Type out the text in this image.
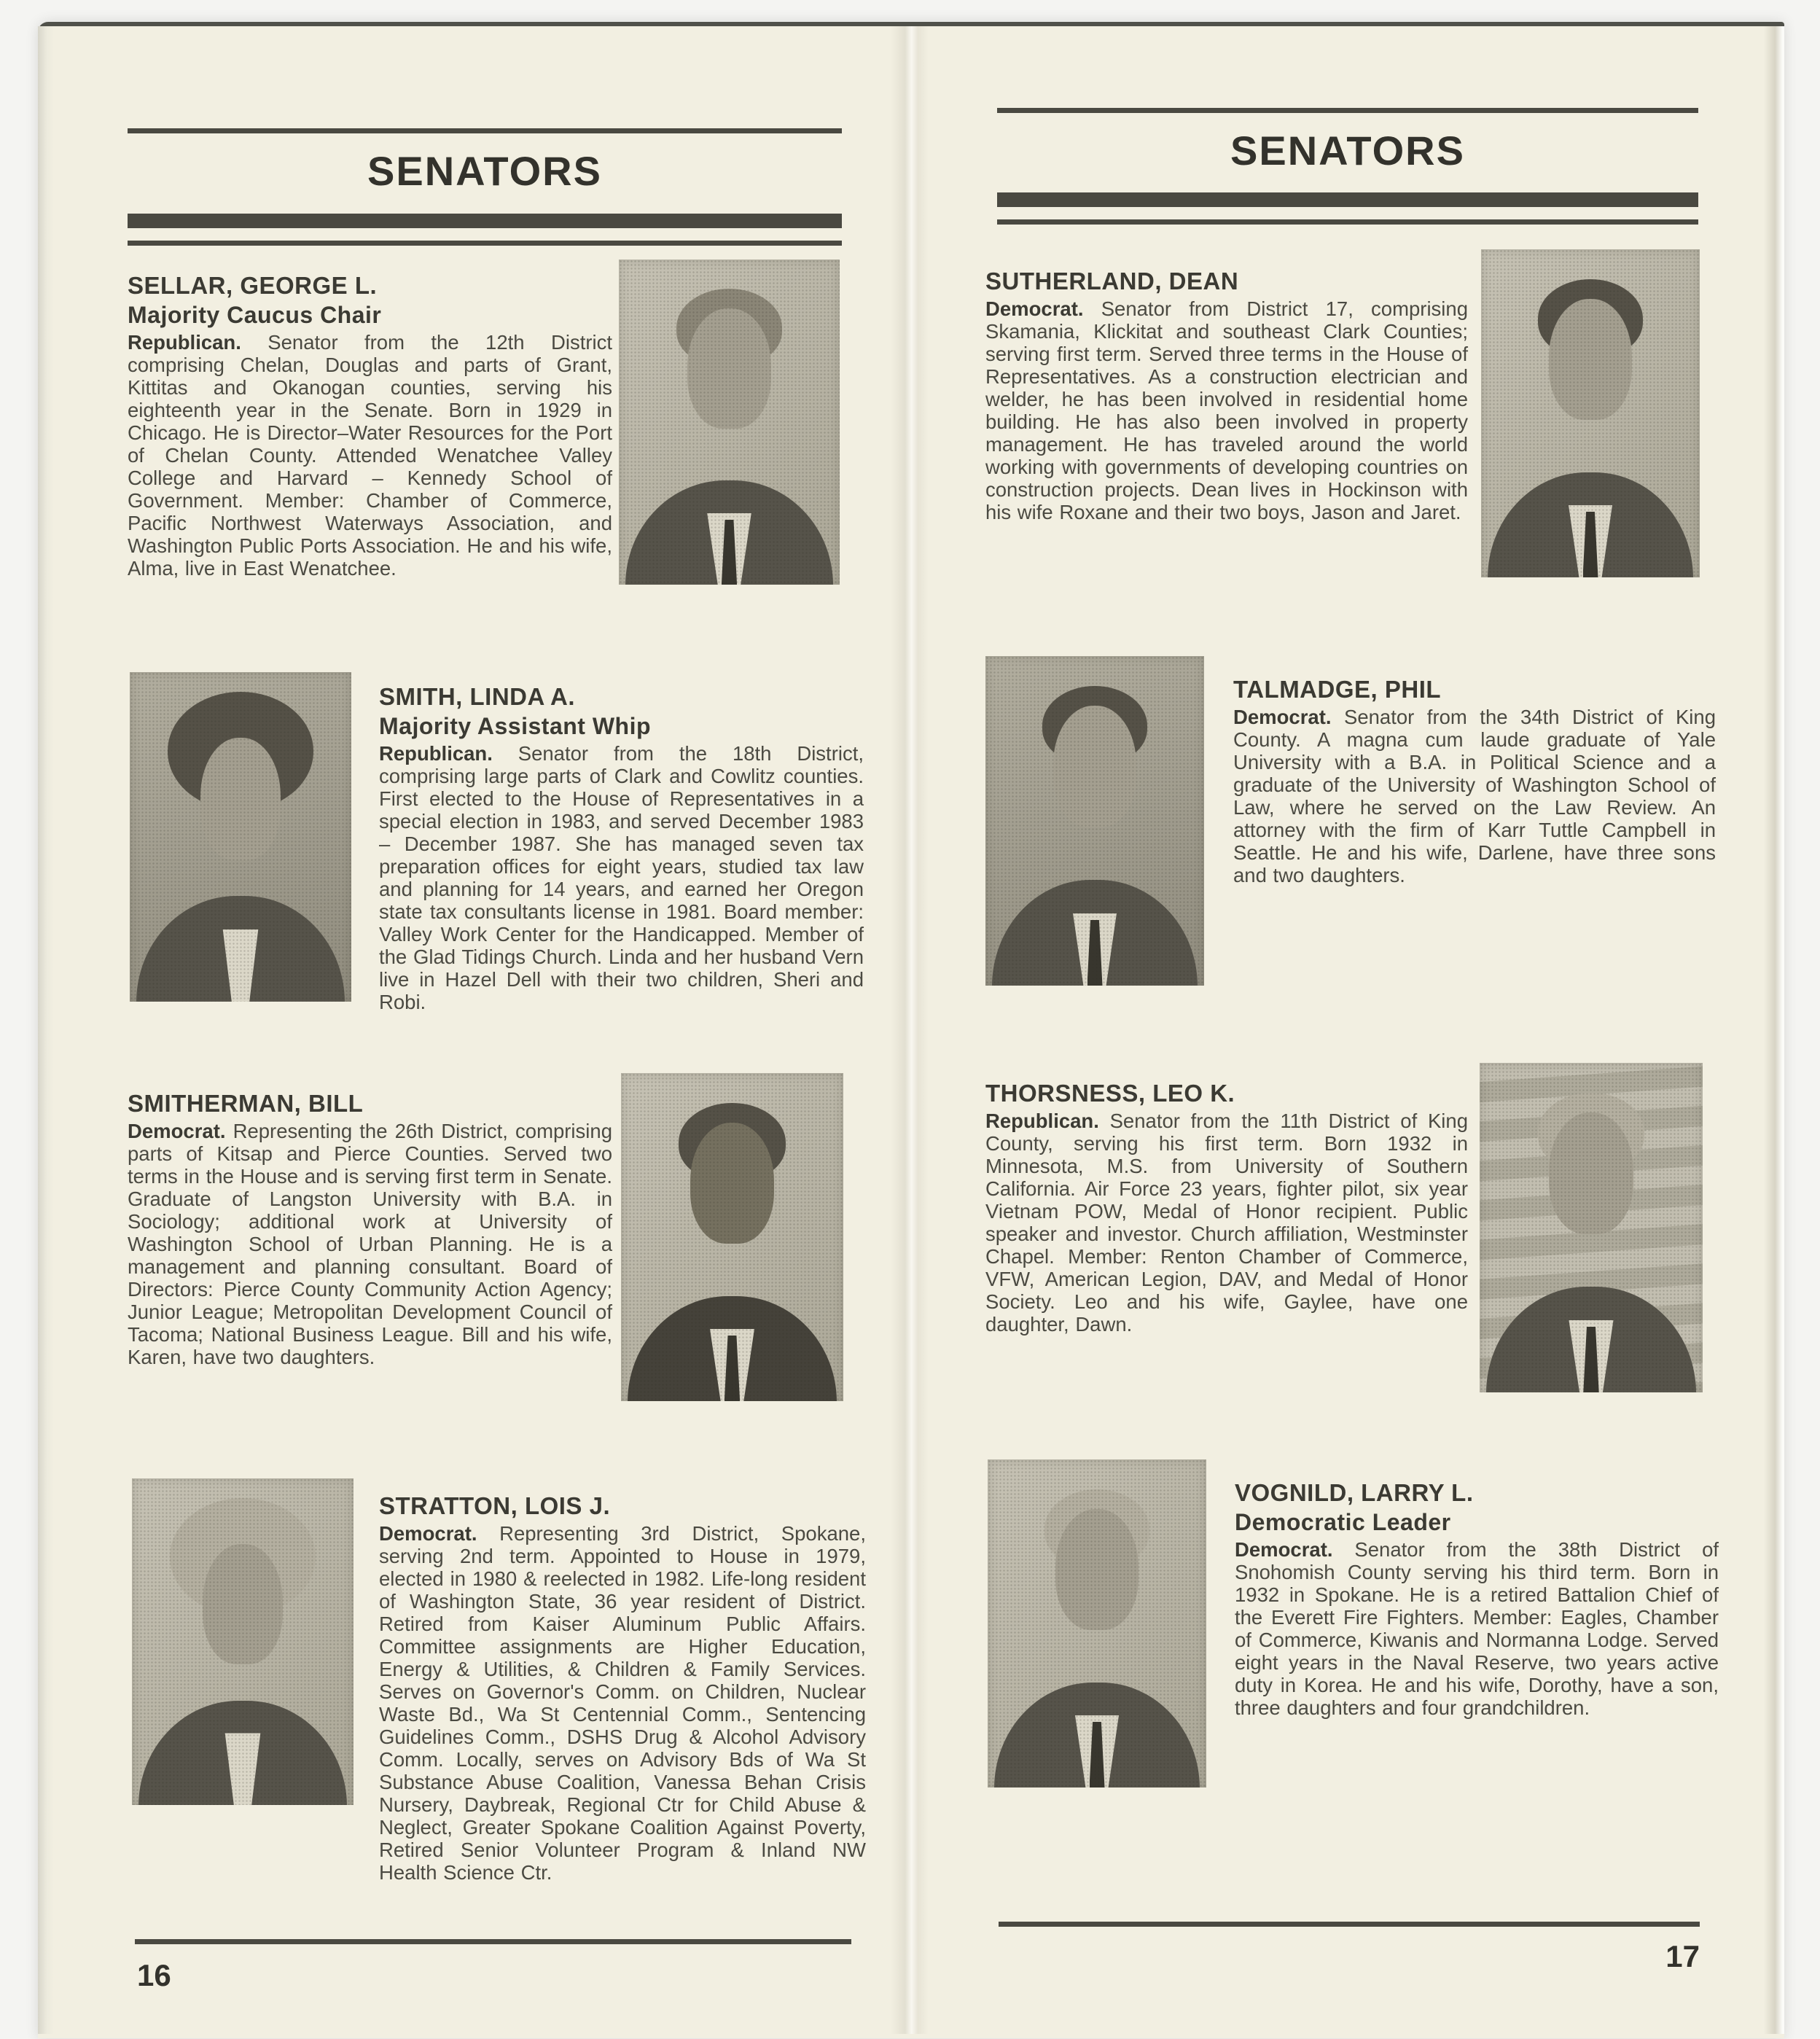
SENATORS
SELLAR, GEORGE L.
Majority Caucus Chair

Republican. Senator from the 12th District comprising Chelan, Douglas and parts of Grant, Kittitas and Okanogan counties, serving his eighteenth year in the Senate. Born in 1929 in Chicago. He is Director–Water Resources for the Port of Chelan County. Attended Wenatchee Valley College and Harvard – Kennedy School of Government. Member: Chamber of Commerce, Pacific Northwest Waterways Association, and Washington Public Ports Association. He and his wife, Alma, live in East Wenatchee.

SMITH, LINDA A.
Majority Assistant Whip

Republican. Senator from the 18th District, comprising large parts of Clark and Cowlitz counties. First elected to the House of Representatives in a special election in 1983, and served December 1983 – December 1987. She has managed seven tax preparation offices for eight years, studied tax law and planning for 14 years, and earned her Oregon state tax consultants license in 1981. Board member: Valley Work Center for the Handicapped. Member of the Glad Tidings Church. Linda and her husband Vern live in Hazel Dell with their two children, Sheri and Robi.

SMITHERMAN, BILL

Democrat. Representing the 26th District, comprising parts of Kitsap and Pierce Counties. Served two terms in the House and is serving first term in Senate. Graduate of Langston University with B.A. in Sociology; additional work at University of Washington School of Urban Planning. He is a management and planning consultant. Board of Directors: Pierce County Community Action Agency; Junior League; Metropolitan Development Council of Tacoma; National Business League. Bill and his wife, Karen, have two daughters.

STRATTON, LOIS J.

Democrat. Representing 3rd District, Spokane, serving 2nd term. Appointed to House in 1979, elected in 1980 & reelected in 1982. Life-long resident of Washington State, 36 year resident of District. Retired from Kaiser Aluminum Public Affairs. Committee assignments are Higher Education, Energy & Utilities, & Children & Family Services. Serves on Governor's Comm. on Children, Nuclear Waste Bd., Wa St Centennial Comm., Sentencing Guidelines Comm., DSHS Drug & Alcohol Advisory Comm. Locally, serves on Advisory Bds of Wa St Substance Abuse Coalition, Vanessa Behan Crisis Nursery, Daybreak, Regional Ctr for Child Abuse & Neglect, Greater Spokane Coalition Against Poverty, Retired Senior Volunteer Program & Inland NW Health Science Ctr.

16
SENATORS
SUTHERLAND, DEAN

Democrat. Senator from District 17, comprising Skamania, Klickitat and southeast Clark Counties; serving first term. Served three terms in the House of Representatives. As a construction electrician and welder, he has been involved in residential home building. He has also been involved in property management. He has traveled around the world working with governments of developing countries on construction projects. Dean lives in Hockinson with his wife Roxane and their two boys, Jason and Jaret.

TALMADGE, PHIL

Democrat. Senator from the 34th District of King County. A magna cum laude graduate of Yale University with a B.A. in Political Science and a graduate of the University of Washington School of Law, where he served on the Law Review. An attorney with the firm of Karr Tuttle Campbell in Seattle. He and his wife, Darlene, have three sons and two daughters.

THORSNESS, LEO K.

Republican. Senator from the 11th District of King County, serving his first term. Born 1932 in Minnesota, M.S. from University of Southern California. Air Force 23 years, fighter pilot, six year Vietnam POW, Medal of Honor recipient. Public speaker and investor. Church affiliation, Westminster Chapel. Member: Renton Chamber of Commerce, VFW, American Legion, DAV, and Medal of Honor Society. Leo and his wife, Gaylee, have one daughter, Dawn.

VOGNILD, LARRY L.
Democratic Leader

Democrat. Senator from the 38th District of Snohomish County serving his third term. Born in 1932 in Spokane. He is a retired Battalion Chief of the Everett Fire Fighters. Member: Eagles, Chamber of Commerce, Kiwanis and Normanna Lodge. Served eight years in the Naval Reserve, two years active duty in Korea. He and his wife, Dorothy, have a son, three daughters and four grandchildren.

17
